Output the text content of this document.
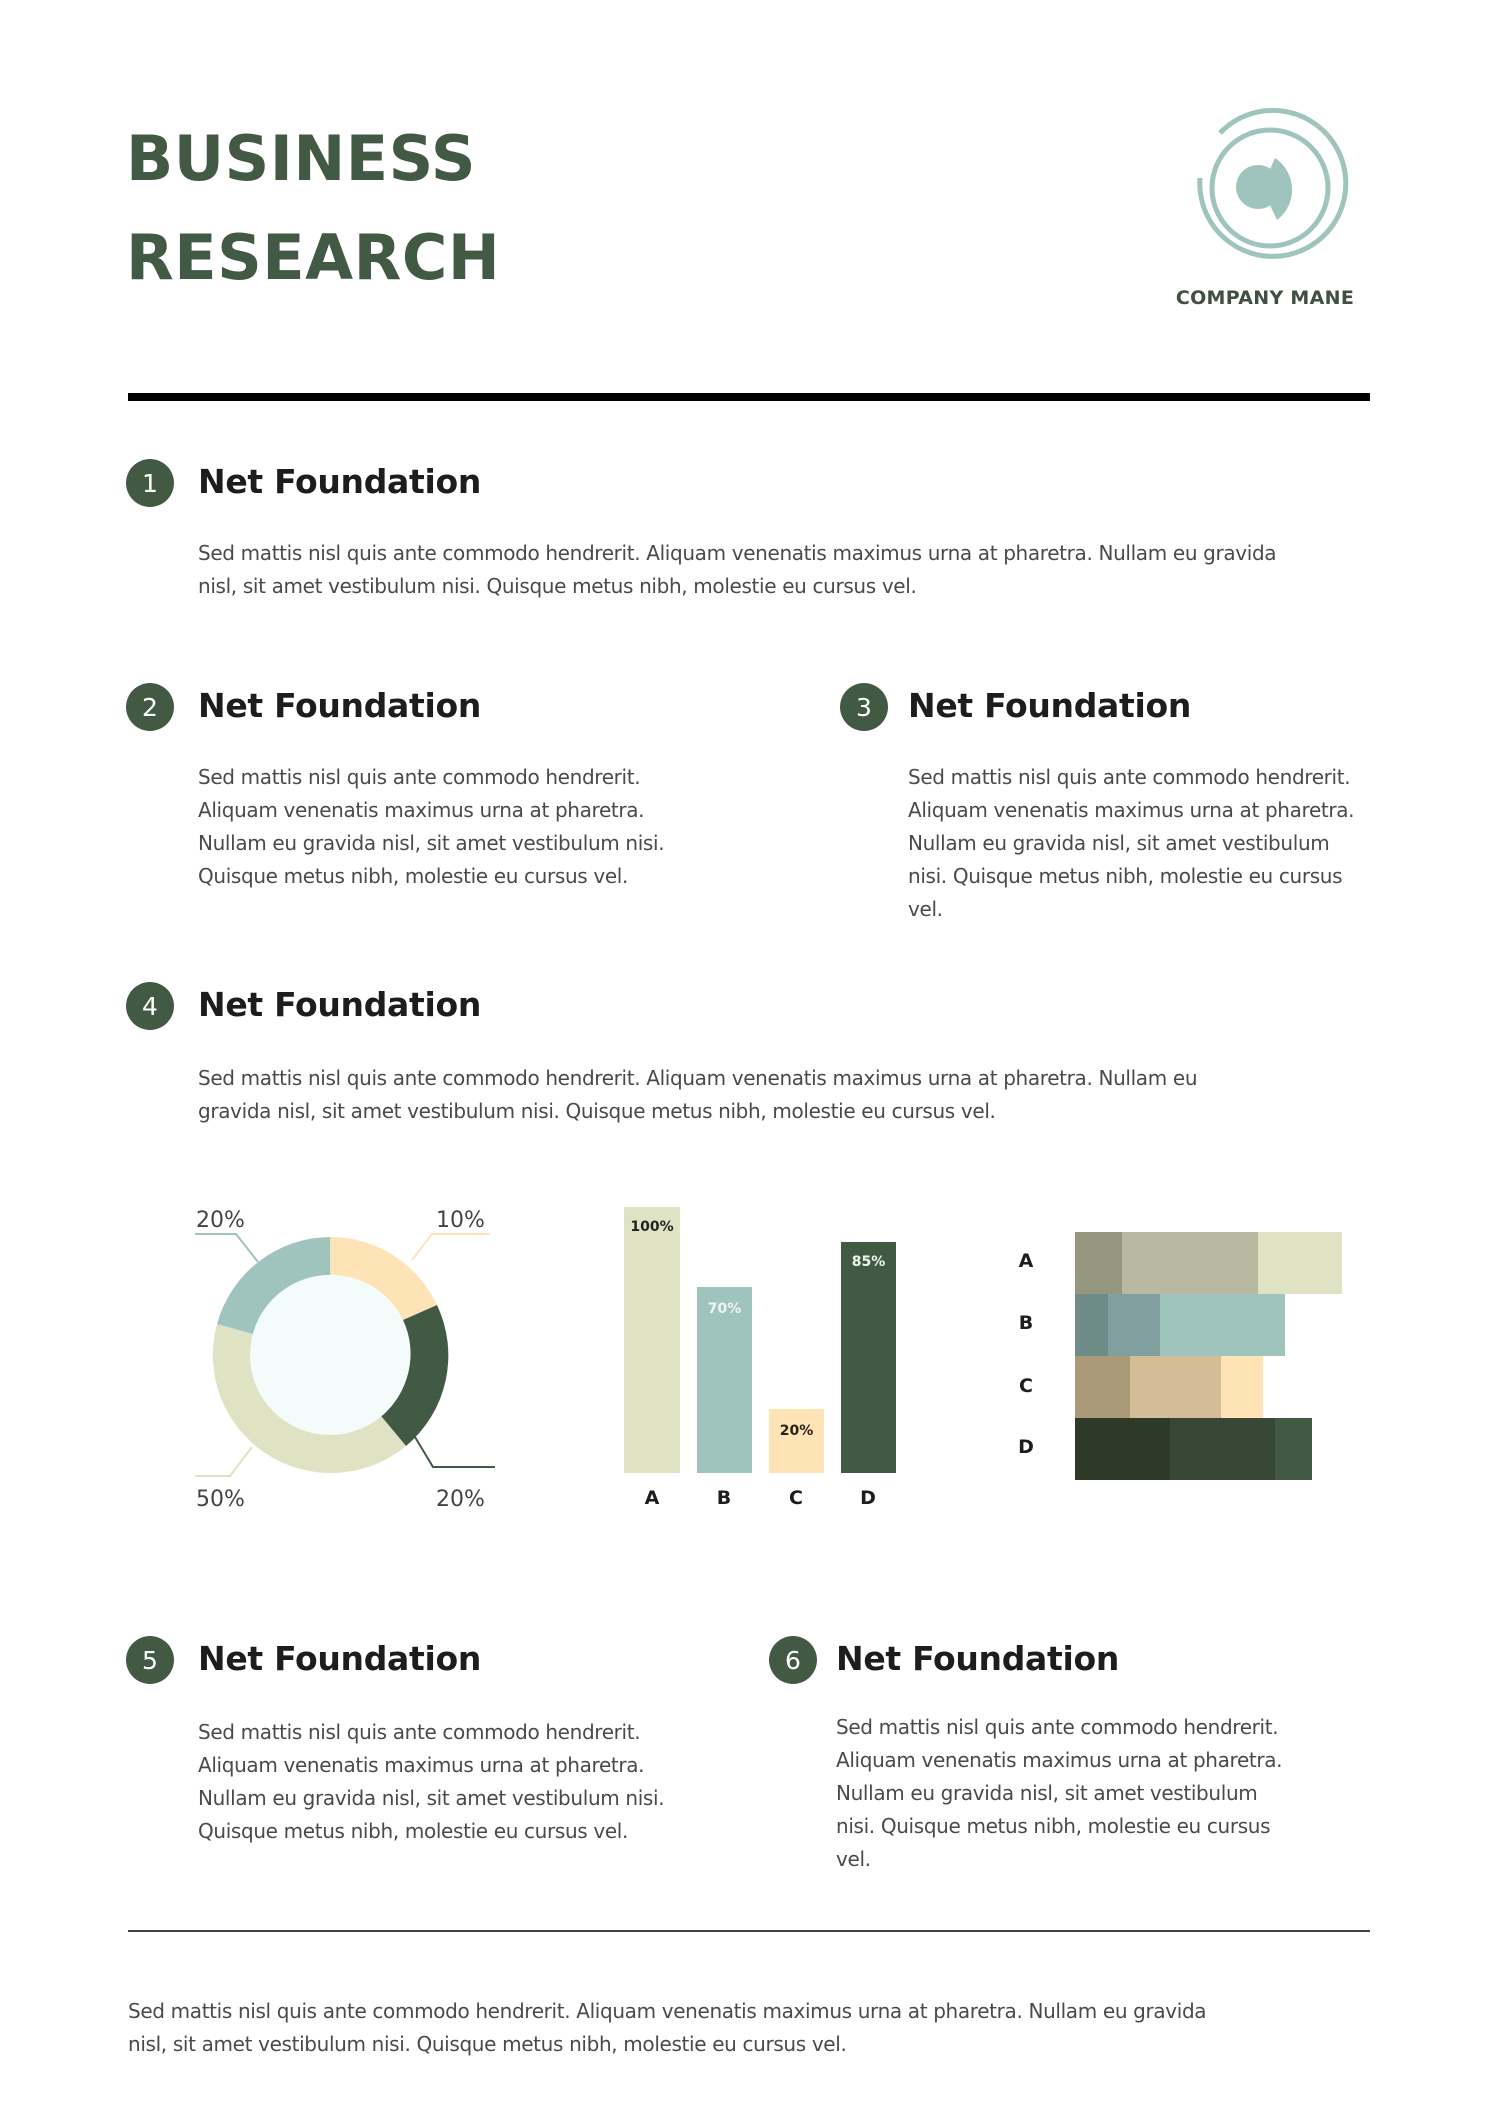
BUSINESS
RESEARCH
COMPANY MANE
1	Net Foundation
Sed mattis nisl quis ante commodo hendrerit. Aliquam venenatis maximus urna at pharetra. Nullam eu gravida
nisl, sit amet vestibulum nisi. Quisque metus nibh, molestie eu cursus vel.
2	Net Foundation
Sed mattis nisl quis ante commodo hendrerit.
Aliquam venenatis maximus urna at pharetra.
Nullam eu gravida nisl, sit amet vestibulum nisi.
Quisque metus nibh, molestie eu cursus vel.
3	Net Foundation
Sed mattis nisl quis ante commodo hendrerit.
Aliquam venenatis maximus urna at pharetra.
Nullam eu gravida nisl, sit amet vestibulum
nisi. Quisque metus nibh, molestie eu cursus
vel.
4	Net Foundation
Sed mattis nisl quis ante commodo hendrerit. Aliquam venenatis maximus urna at pharetra. Nullam eu
gravida nisl, sit amet vestibulum nisi. Quisque metus nibh, molestie eu cursus vel.
20%	10%
50%	20%
100%
70%
20%
85%
A	B	C	D
A
B
C
D
5	Net Foundation
Sed mattis nisl quis ante commodo hendrerit.
Aliquam venenatis maximus urna at pharetra.
Nullam eu gravida nisl, sit amet vestibulum nisi.
Quisque metus nibh, molestie eu cursus vel.
6	Net Foundation
Sed mattis nisl quis ante commodo hendrerit.
Aliquam venenatis maximus urna at pharetra.
Nullam eu gravida nisl, sit amet vestibulum
nisi. Quisque metus nibh, molestie eu cursus
vel.
Sed mattis nisl quis ante commodo hendrerit. Aliquam venenatis maximus urna at pharetra. Nullam eu gravida
nisl, sit amet vestibulum nisi. Quisque metus nibh, molestie eu cursus vel.
